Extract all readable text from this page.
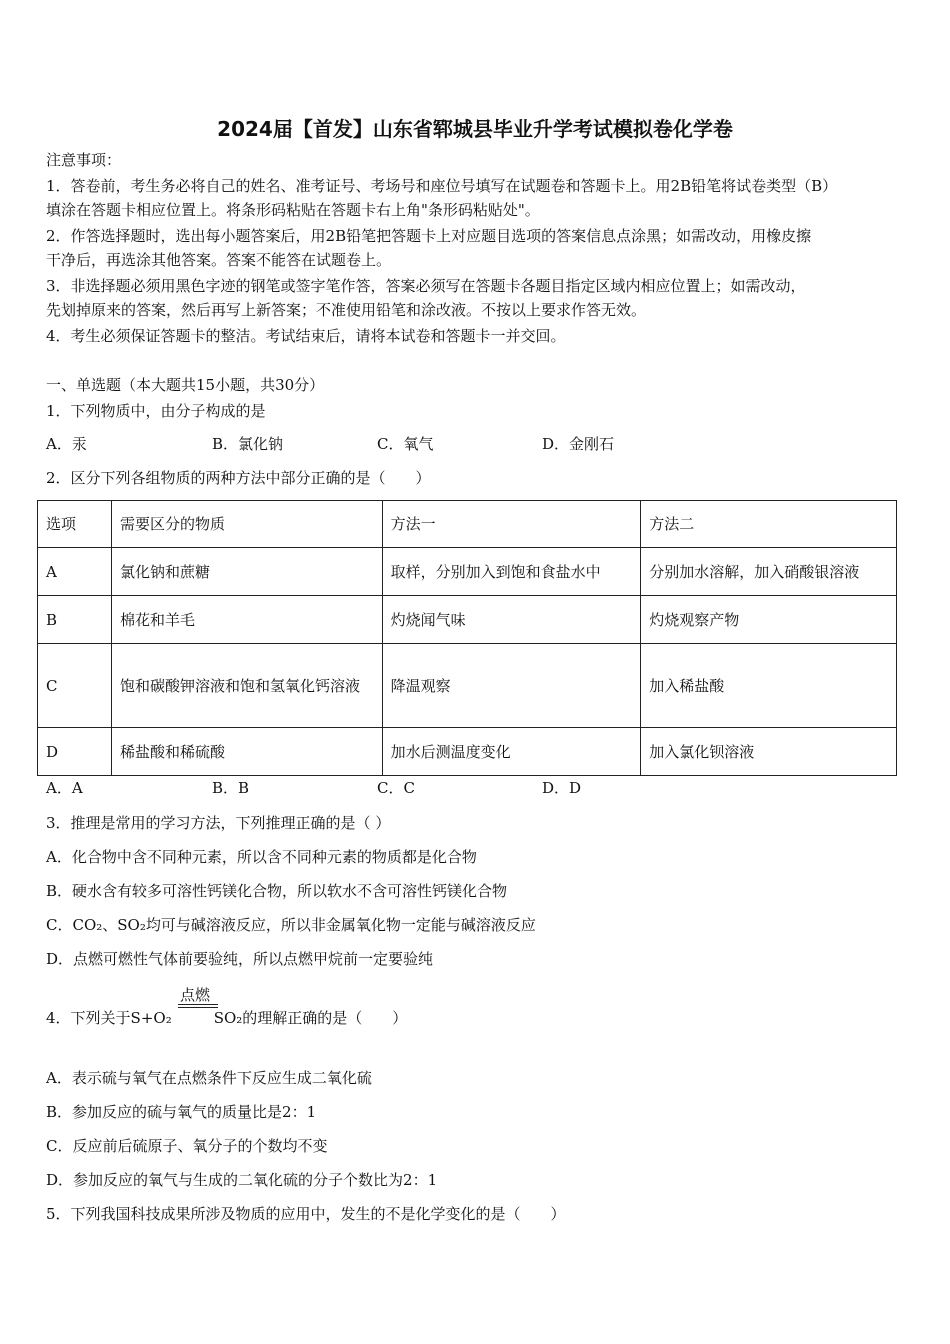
2024届【首发】山东省郓城县毕业升学考试模拟卷化学卷
注意事项：
1．答卷前，考生务必将自己的姓名、准考证号、考场号和座位号填写在试题卷和答题卡上。用2B铅笔将试卷类型（B）
填涂在答题卡相应位置上。将条形码粘贴在答题卡右上角"条形码粘贴处"。
2．作答选择题时，选出每小题答案后，用2B铅笔把答题卡上对应题目选项的答案信息点涂黑；如需改动，用橡皮擦
干净后，再选涂其他答案。答案不能答在试题卷上。
3．非选择题必须用黑色字迹的钢笔或签字笔作答，答案必须写在答题卡各题目指定区域内相应位置上；如需改动，
先划掉原来的答案，然后再写上新答案；不准使用铅笔和涂改液。不按以上要求作答无效。
4．考生必须保证答题卡的整洁。考试结束后，请将本试卷和答题卡一并交回。
一、单选题（本大题共15小题，共30分）
1．下列物质中，由分子构成的是
A．汞	B．氯化钠	C．氧气	D．金刚石
2．区分下列各组物质的两种方法中部分正确的是（　　）
选项	需要区分的物质	方法一	方法二
A	氯化钠和蔗糖	取样，分别加入到饱和食盐水中	分别加水溶解，加入硝酸银溶液
B	棉花和羊毛	灼烧闻气味	灼烧观察产物
C	饱和碳酸钾溶液和饱和氢氧化钙溶液	降温观察	加入稀盐酸
D	稀盐酸和稀硫酸	加水后测温度变化	加入氯化钡溶液
A．A	B．B	C．C	D．D
3．推理是常用的学习方法，下列推理正确的是（ ）
A．化合物中含不同种元素，所以含不同种元素的物质都是化合物
B．硬水含有较多可溶性钙镁化合物，所以软水不含可溶性钙镁化合物
C．CO₂、SO₂均可与碱溶液反应，所以非金属氧化物一定能与碱溶液反应
D．点燃可燃性气体前要验纯，所以点燃甲烷前一定要验纯
点燃
4．下列关于S+O₂	SO₂的理解正确的是（　　）
A．表示硫与氧气在点燃条件下反应生成二氧化硫
B．参加反应的硫与氧气的质量比是2：1
C．反应前后硫原子、氧分子的个数均不变
D．参加反应的氧气与生成的二氧化硫的分子个数比为2：1
5．下列我国科技成果所涉及物质的应用中，发生的不是化学变化的是（　　）
